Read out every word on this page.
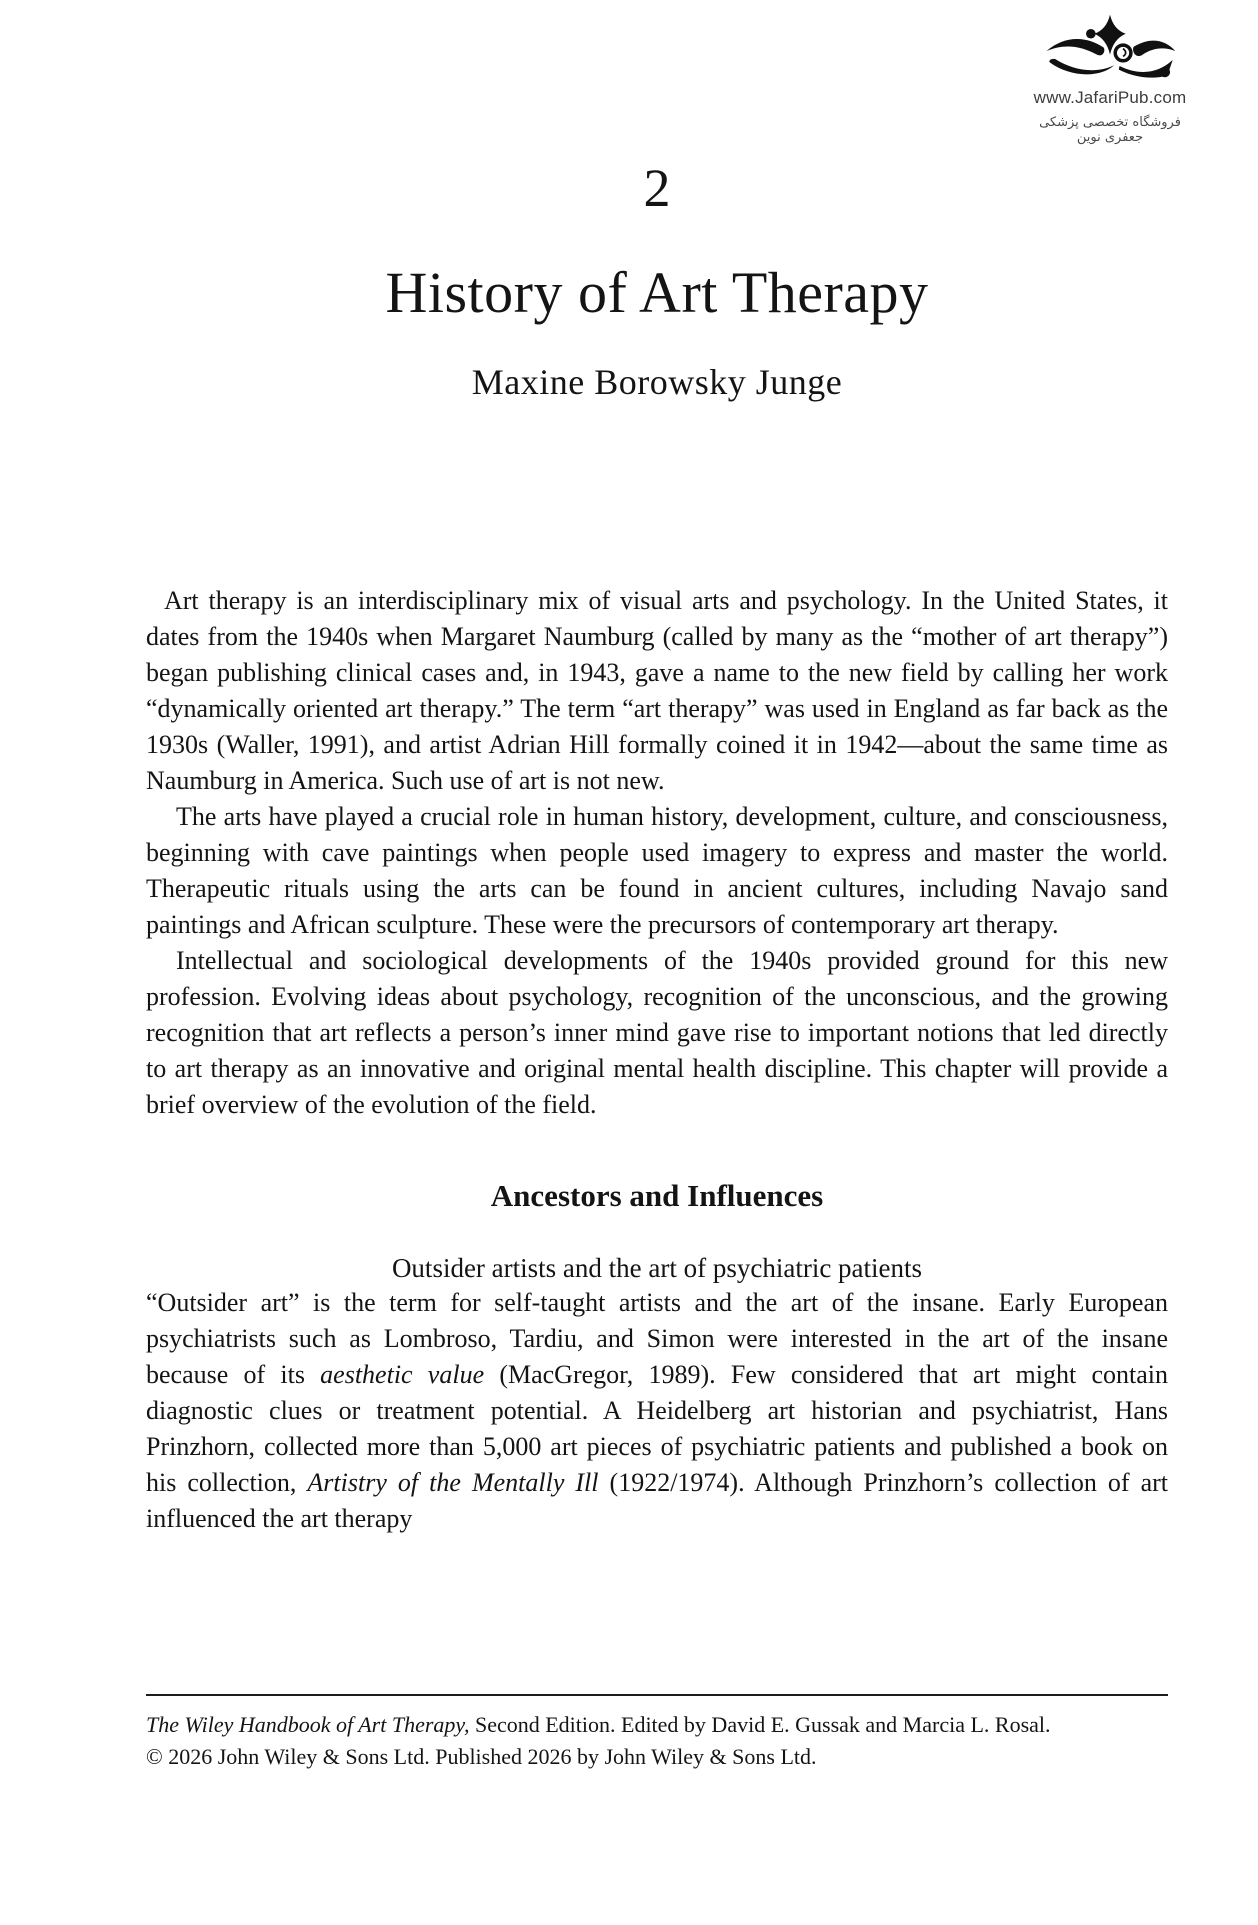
www.JafariPub.com
فروشگاه تخصصی پزشکی جعفری نوین
2
History of Art Therapy
Maxine Borowsky Junge

Art therapy is an interdisciplinary mix of visual arts and psychology. In the United States, it dates from the 1940s when Margaret Naumburg (called by many as the “mother of art therapy”) began publishing clinical cases and, in 1943, gave a name to the new field by calling her work “dynamically oriented art therapy.” The term “art therapy” was used in England as far back as the 1930s (Waller, 1991), and artist Adrian Hill formally coined it in 1942—about the same time as Naumburg in America. Such use of art is not new.

The arts have played a crucial role in human history, development, culture, and consciousness, beginning with cave paintings when people used imagery to express and master the world. Therapeutic rituals using the arts can be found in ancient cultures, including Navajo sand paintings and African sculpture. These were the precursors of contemporary art therapy.

Intellectual and sociological developments of the 1940s provided ground for this new profession. Evolving ideas about psychology, recognition of the unconscious, and the growing recognition that art reflects a person’s inner mind gave rise to important notions that led directly to art therapy as an innovative and original mental health discipline. This chapter will provide a brief overview of the evolution of the field.

Ancestors and Influences
Outsider artists and the art of psychiatric patients

“Outsider art” is the term for self-taught artists and the art of the insane. Early European psychiatrists such as Lombroso, Tardiu, and Simon were interested in the art of the insane because of its aesthetic value (MacGregor, 1989). Few considered that art might contain diagnostic clues or treatment potential. A Heidelberg art historian and psychiatrist, Hans Prinzhorn, collected more than 5,000 art pieces of psychiatric patients and published a book on his collection, Artistry of the Mentally Ill (1922/1974). Although Prinzhorn’s collection of art influenced the art therapy

The Wiley Handbook of Art Therapy, Second Edition. Edited by David E. Gussak and Marcia L. Rosal.

© 2026 John Wiley & Sons Ltd. Published 2026 by John Wiley & Sons Ltd.
